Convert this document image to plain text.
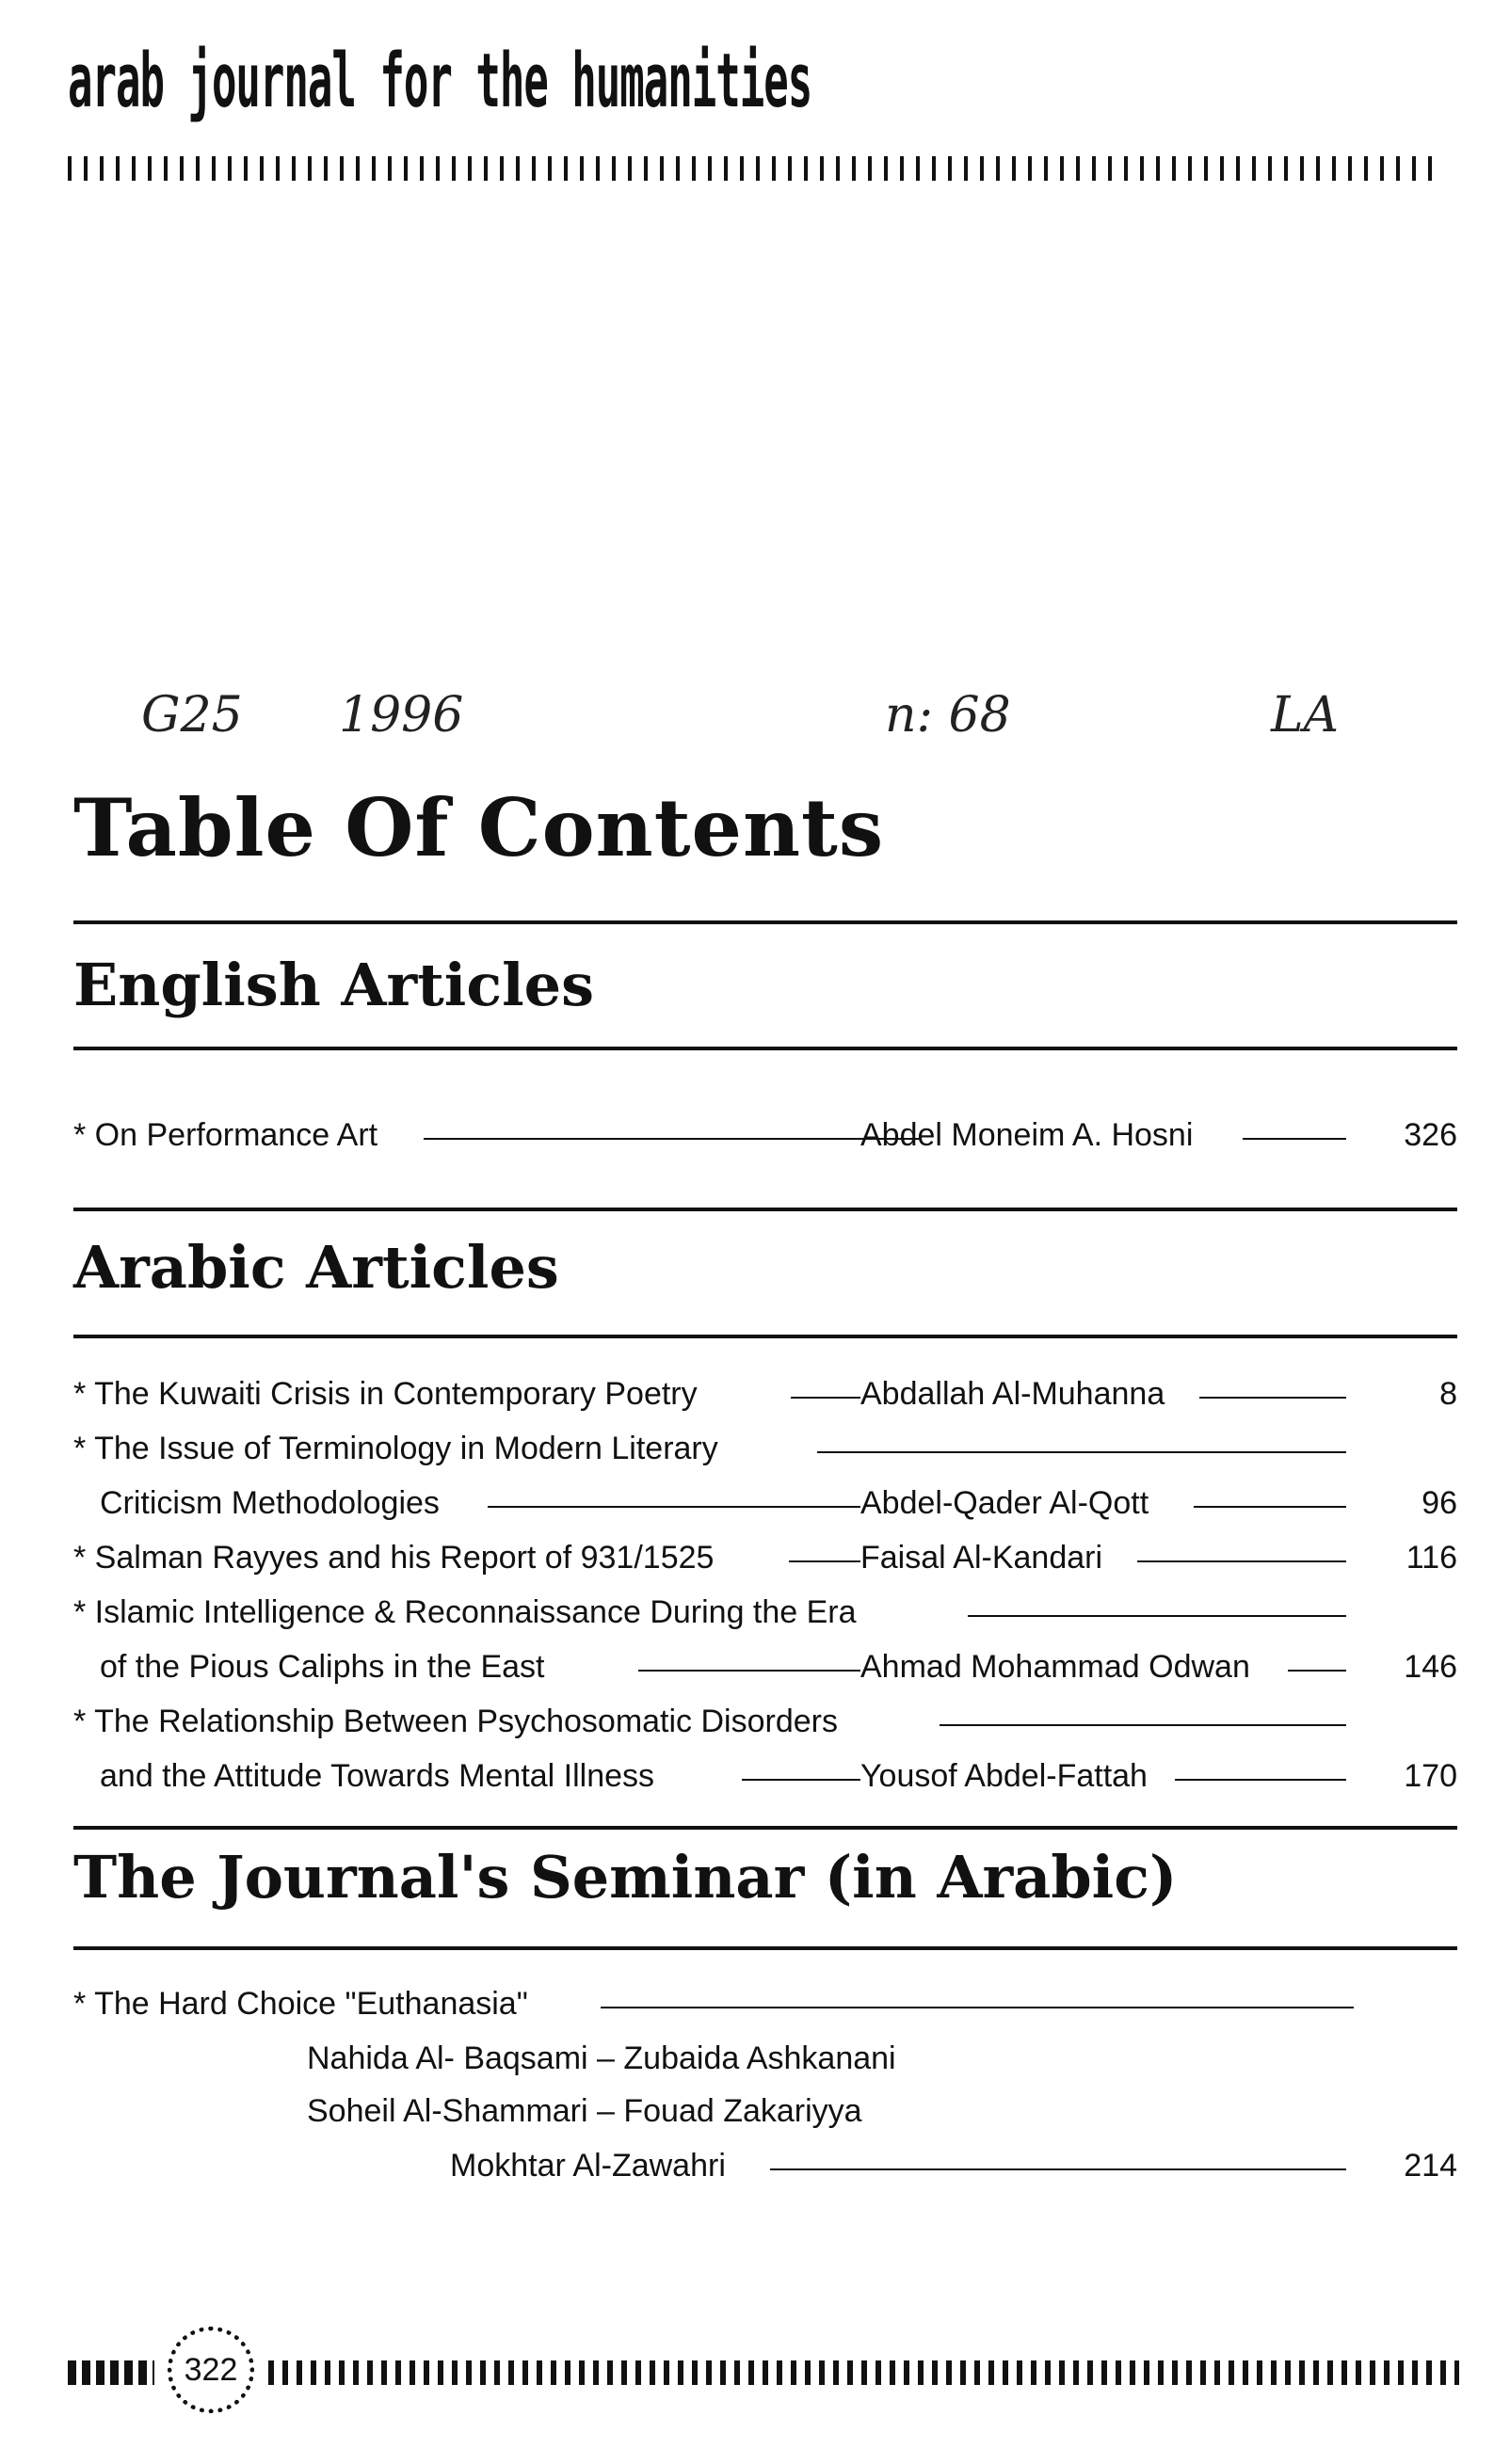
arab journal for the humanities
G25 1996	n: 68	LA
Table Of Contents
English Articles
* On Performance Art	Abdel Moneim A. Hosni	326
Arabic Articles
* The Kuwaiti Crisis in Contemporary Poetry	Abdallah Al-Muhanna	8
* The Issue of Terminology in Modern Literary
Criticism Methodologies	Abdel-Qader Al-Qott	96
* Salman Rayyes and his Report of 931/1525	Faisal Al-Kandari	116
* Islamic Intelligence & Reconnaissance During the Era
of the Pious Caliphs in the East	Ahmad Mohammad Odwan	146
* The Relationship Between Psychosomatic Disorders
and the Attitude Towards Mental Illness	Yousof Abdel-Fattah	170
The Journal's Seminar (in Arabic)
* The Hard Choice "Euthanasia"
Nahida Al- Baqsami – Zubaida Ashkanani
Soheil Al-Shammari – Fouad Zakariyya
Mokhtar Al-Zawahri	214
322
